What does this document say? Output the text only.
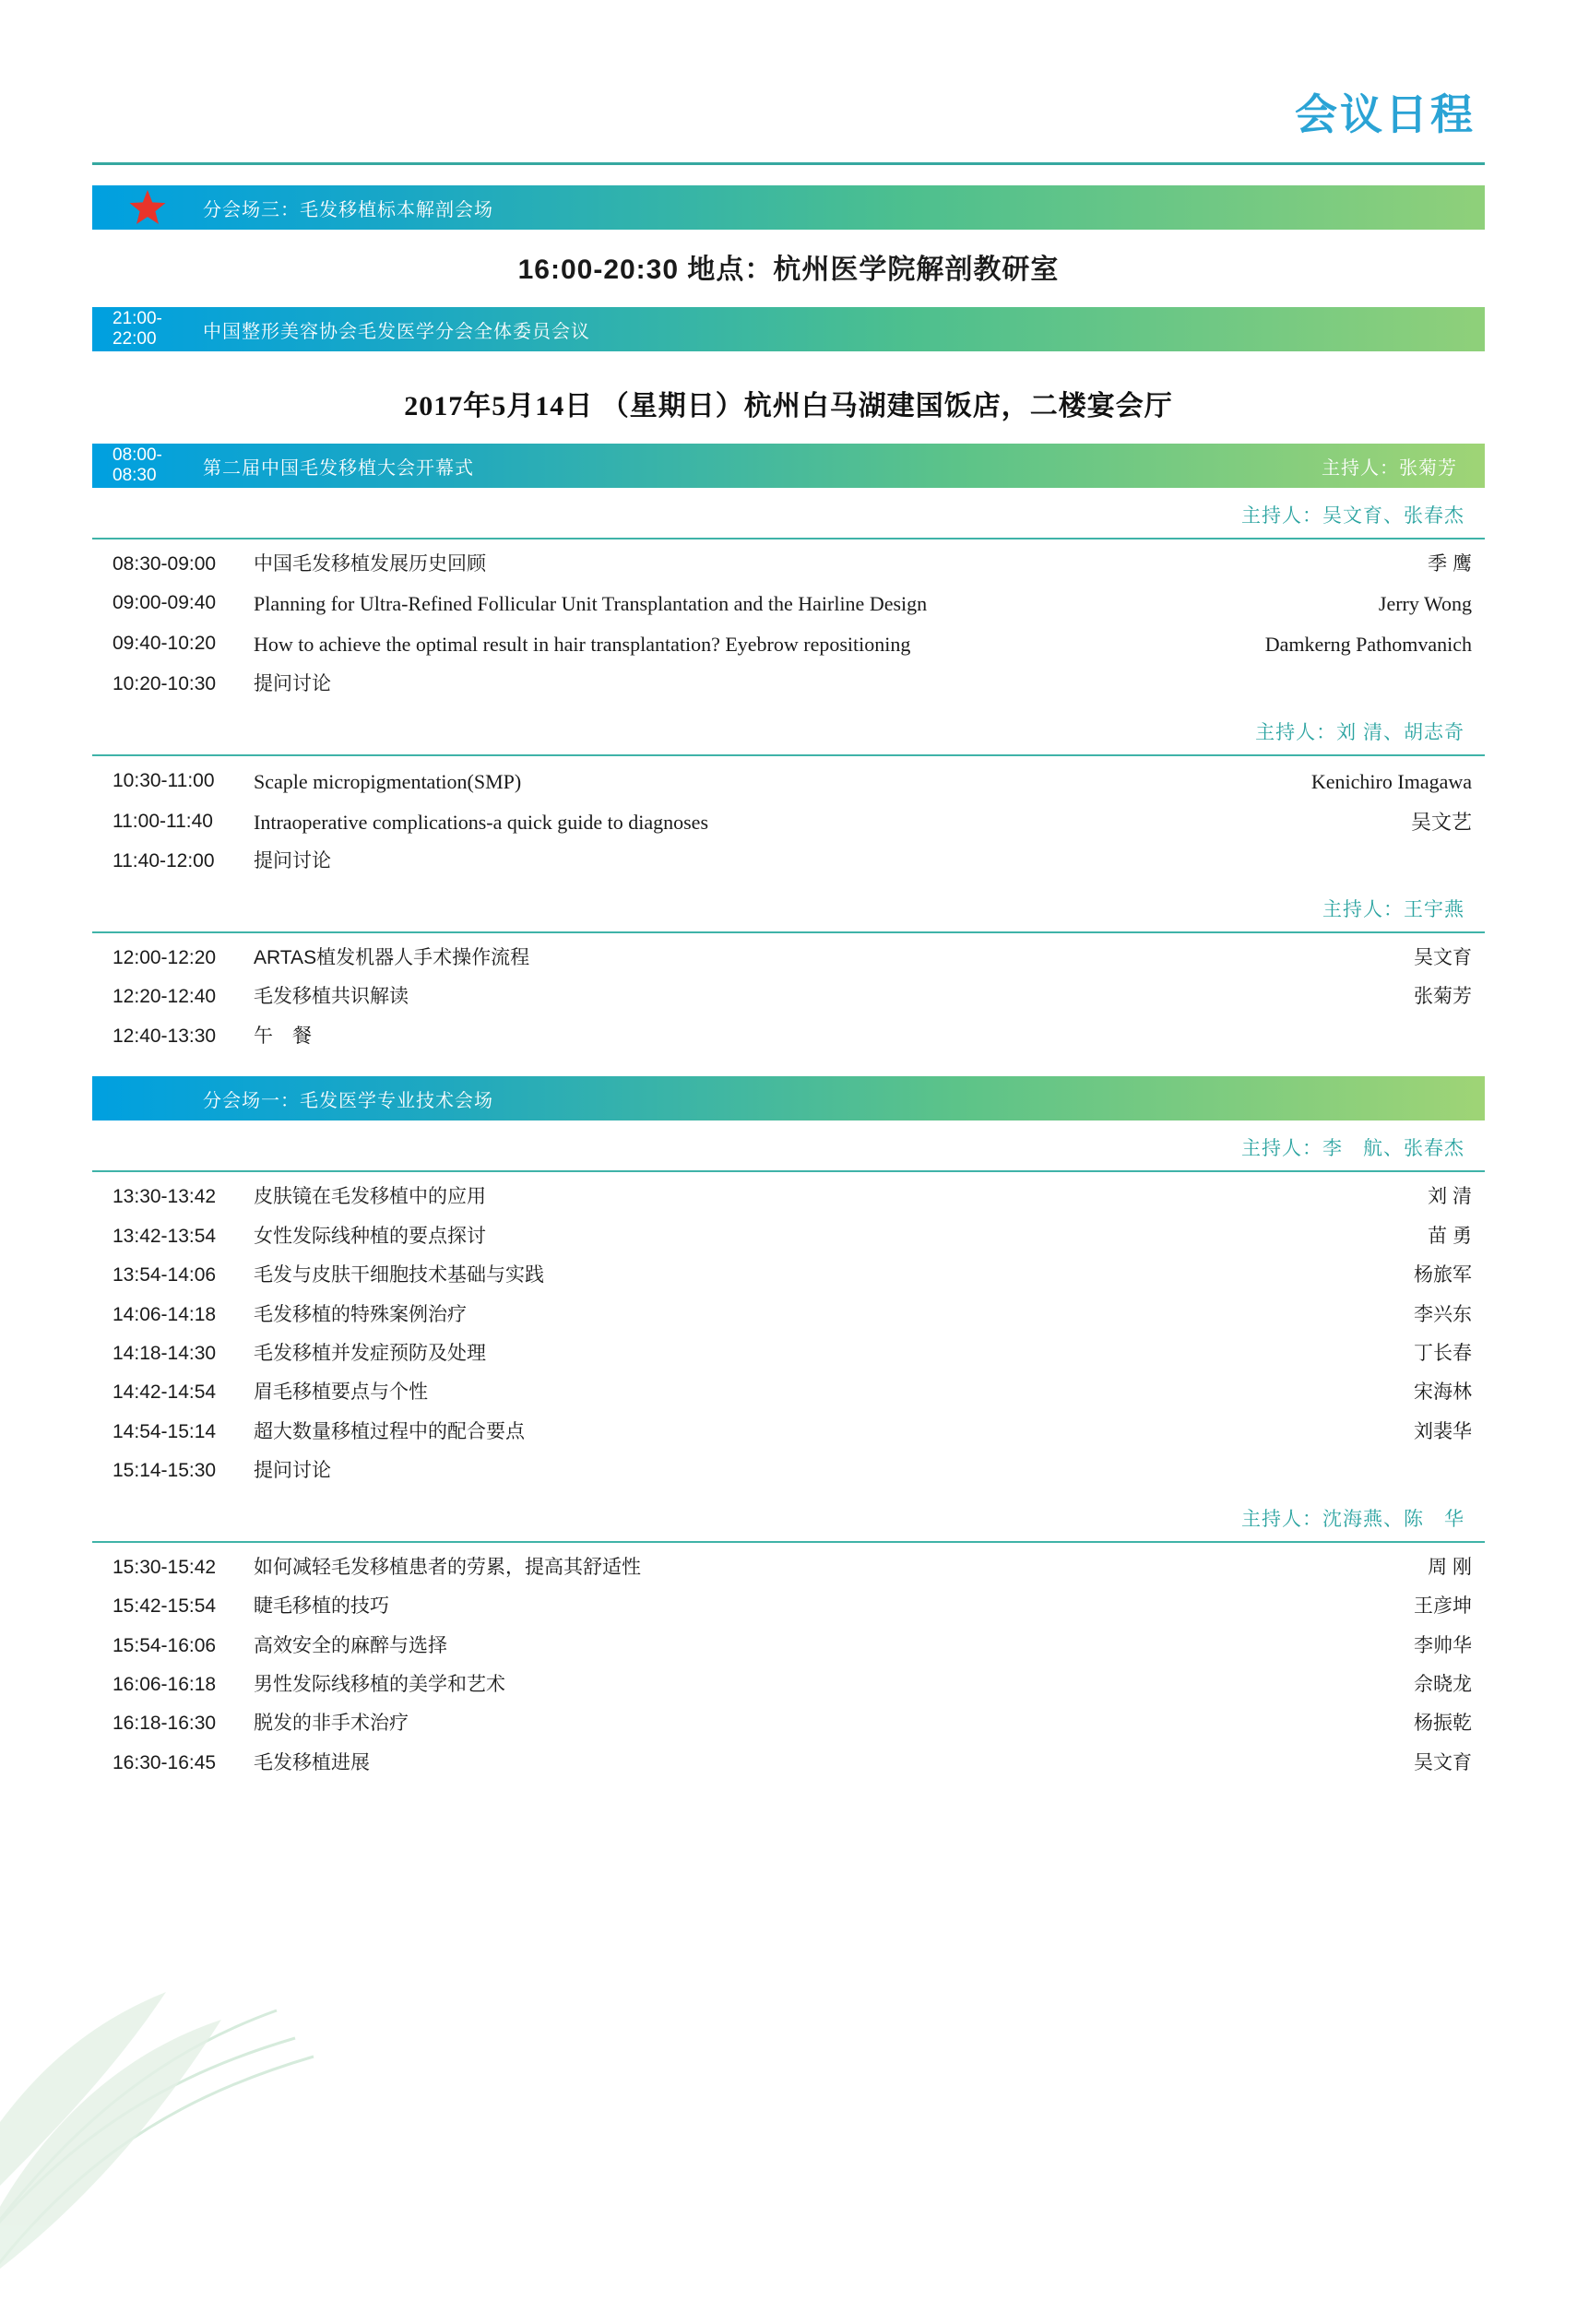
会议日程
分会场三：毛发移植标本解剖会场
16:00-20:30 地点：杭州医学院解剖教研室
21:00-22:00	中国整形美容协会毛发医学分会全体委员会议
2017年5月14日 （星期日）杭州白马湖建国饭店，二楼宴会厅
08:00-08:30	第二届中国毛发移植大会开幕式	主持人：张菊芳
主持人：吴文育、张春杰
08:30-09:00	中国毛发移植发展历史回顾	季 鹰
09:00-09:40	Planning for Ultra-Refined Follicular Unit Transplantation and the Hairline Design	Jerry Wong
09:40-10:20	How to achieve the optimal result in hair transplantation? Eyebrow repositioning	Damkerng Pathomvanich
10:20-10:30	提问讨论
主持人：刘 清、胡志奇
10:30-11:00	Scaple micropigmentation(SMP)	Kenichiro Imagawa
11:00-11:40	Intraoperative complications-a quick guide to diagnoses	吴文艺
11:40-12:00	提问讨论
主持人：王宇燕
12:00-12:20	ARTAS植发机器人手术操作流程	吴文育
12:20-12:40	毛发移植共识解读	张菊芳
12:40-13:30	午　餐
分会场一：毛发医学专业技术会场
主持人：李　航、张春杰
13:30-13:42	皮肤镜在毛发移植中的应用	刘 清
13:42-13:54	女性发际线种植的要点探讨	苗 勇
13:54-14:06	毛发与皮肤干细胞技术基础与实践	杨旅军
14:06-14:18	毛发移植的特殊案例治疗	李兴东
14:18-14:30	毛发移植并发症预防及处理	丁长春
14:42-14:54	眉毛移植要点与个性	宋海林
14:54-15:14	超大数量移植过程中的配合要点	刘裴华
15:14-15:30	提问讨论
主持人：沈海燕、陈　华
15:30-15:42	如何减轻毛发移植患者的劳累，提高其舒适性	周 刚
15:42-15:54	睫毛移植的技巧	王彦坤
15:54-16:06	高效安全的麻醉与选择	李帅华
16:06-16:18	男性发际线移植的美学和艺术	佘晓龙
16:18-16:30	脱发的非手术治疗	杨振乾
16:30-16:45	毛发移植进展	吴文育
